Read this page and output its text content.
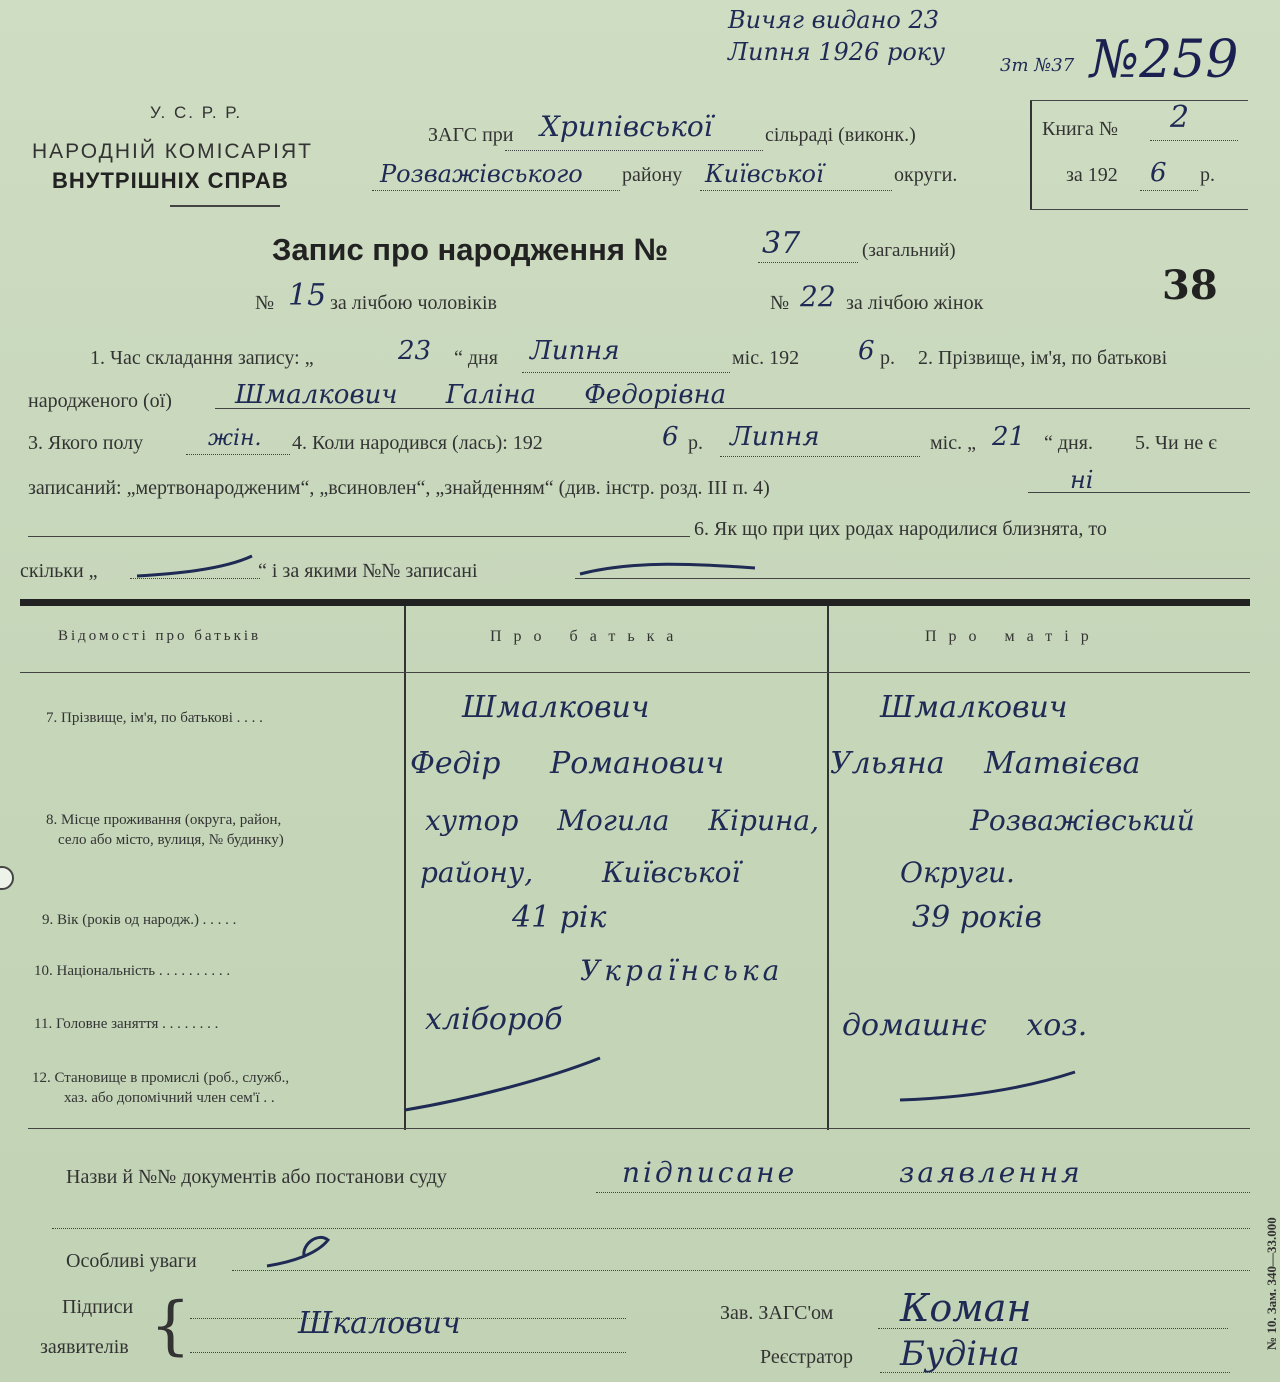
Вичяг видано 23
Липня 1926 року	3т №37 №259
У. С. Р. Р.
НАРОДНІЙ КОМІСАРІЯТ
ВНУТРІШНІХ СПРАВ
ЗАГС при Хрипівської	сільраді (виконк.)
Розважівського району Київської	округи.
Книга № 2
за 192 6 р.
Запис про народження №	37	(загальний)
38
№ 15 за лічбою чоловіків	№ 22 за лічбою жінок
1. Час складання запису: „	23 “ дня Липня	міс. 192 6 р. 2. Прізвище, ім'я, по батькові
народженого (ої) Шмалкович Галіна Федорівна
3. Якого полу	жін. 4. Коли народився (лась): 192	6 р. Липня	міс. „ 21 “ дня. 5. Чи не є
записаний: „мертвонародженим“, „всиновлен“, „знайденням“ (див. інстр. розд. III п. 4)	ні
6. Як що при цих родах народилися близнята, то
скільки „	“ і за якими №№ записані
Відомості про батьків	Про батька	Про матір
7. Прізвище, ім'я, по батькові . . . .	Шмалкович	Шмалкович
Федір Романович	Ульяна Матвієва
8. Місце проживання (округа, район,
село або місто, вулиця, № будинку)
хутор Могила Кірина,	Розважівський
району, Київської	Округи.
9. Вік (років од народж.) . . . . .	41 рік	39 років
10. Національність . . . . . . . . . .	Українська
11. Головне заняття . . . . . . . .	хлібороб	домашнє хоз.
12. Становище в промислі (роб., служб.,
хаз. або допомічний член сем'ї . .
Назви й №№ документів або постанови суду	підписане заявлення
Особливі уваги
Підписи
заявителів {	Шкалович	Зав. ЗАГС'ом Коман
Реєстратор Будіна
№ 10. Зам. 340—33.000
